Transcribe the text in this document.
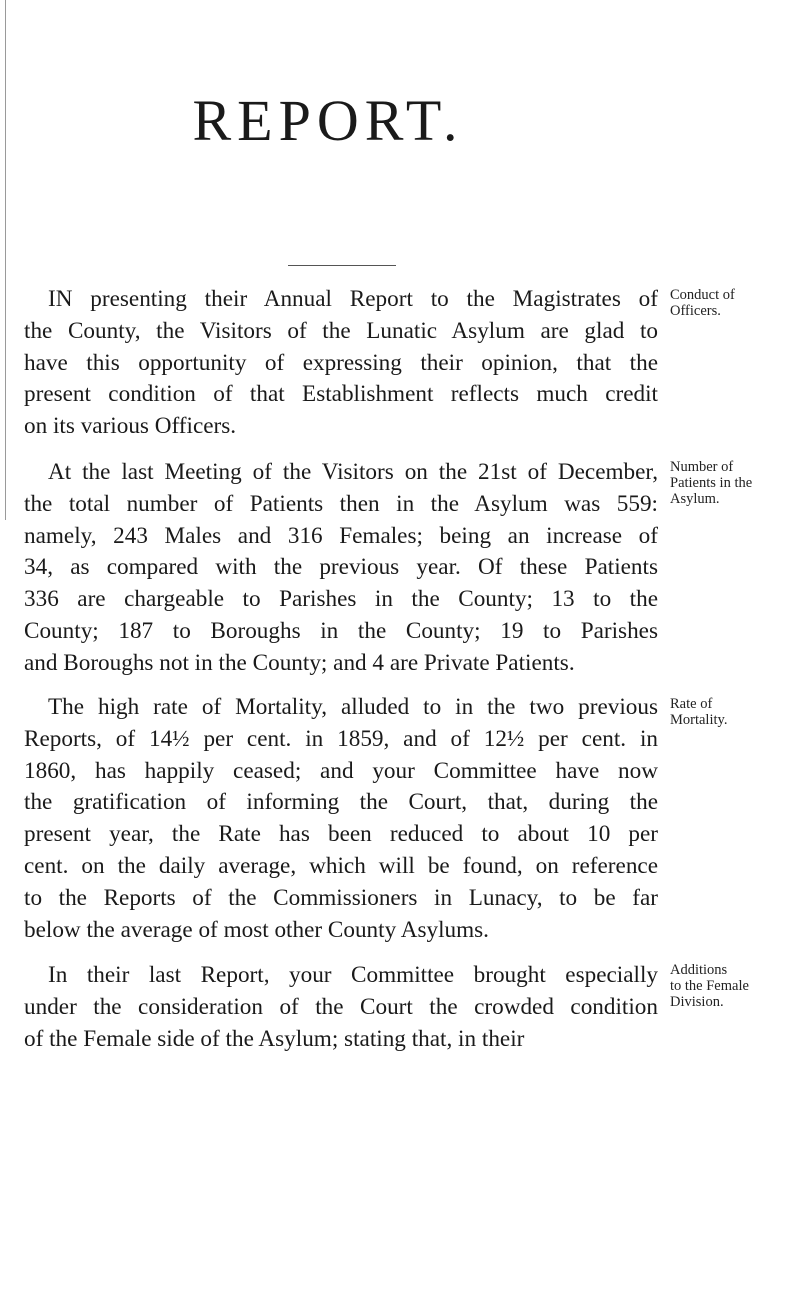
REPORT.
IN presenting their Annual Report to the Magistrates of
the County, the Visitors of the Lunatic Asylum are glad to
have this opportunity of expressing their opinion, that the
present condition of that Establishment reflects much credit
on its various Officers.
Conduct of
Officers.
At the last Meeting of the Visitors on the 21st of December,
the total number of Patients then in the Asylum was 559:
namely, 243 Males and 316 Females; being an increase of
34, as compared with the previous year. Of these Patients
336 are chargeable to Parishes in the County; 13 to the
County; 187 to Boroughs in the County; 19 to Parishes
and Boroughs not in the County; and 4 are Private Patients.
Number of
Patients in the
Asylum.
The high rate of Mortality, alluded to in the two previous
Reports, of 14½ per cent. in 1859, and of 12½ per cent. in
1860, has happily ceased; and your Committee have now
the gratification of informing the Court, that, during the
present year, the Rate has been reduced to about 10 per
cent. on the daily average, which will be found, on reference
to the Reports of the Commissioners in Lunacy, to be far
below the average of most other County Asylums.
Rate of
Mortality.
In their last Report, your Committee brought especially
under the consideration of the Court the crowded condition
of the Female side of the Asylum; stating that, in their
Additions
to the Female
Division.
